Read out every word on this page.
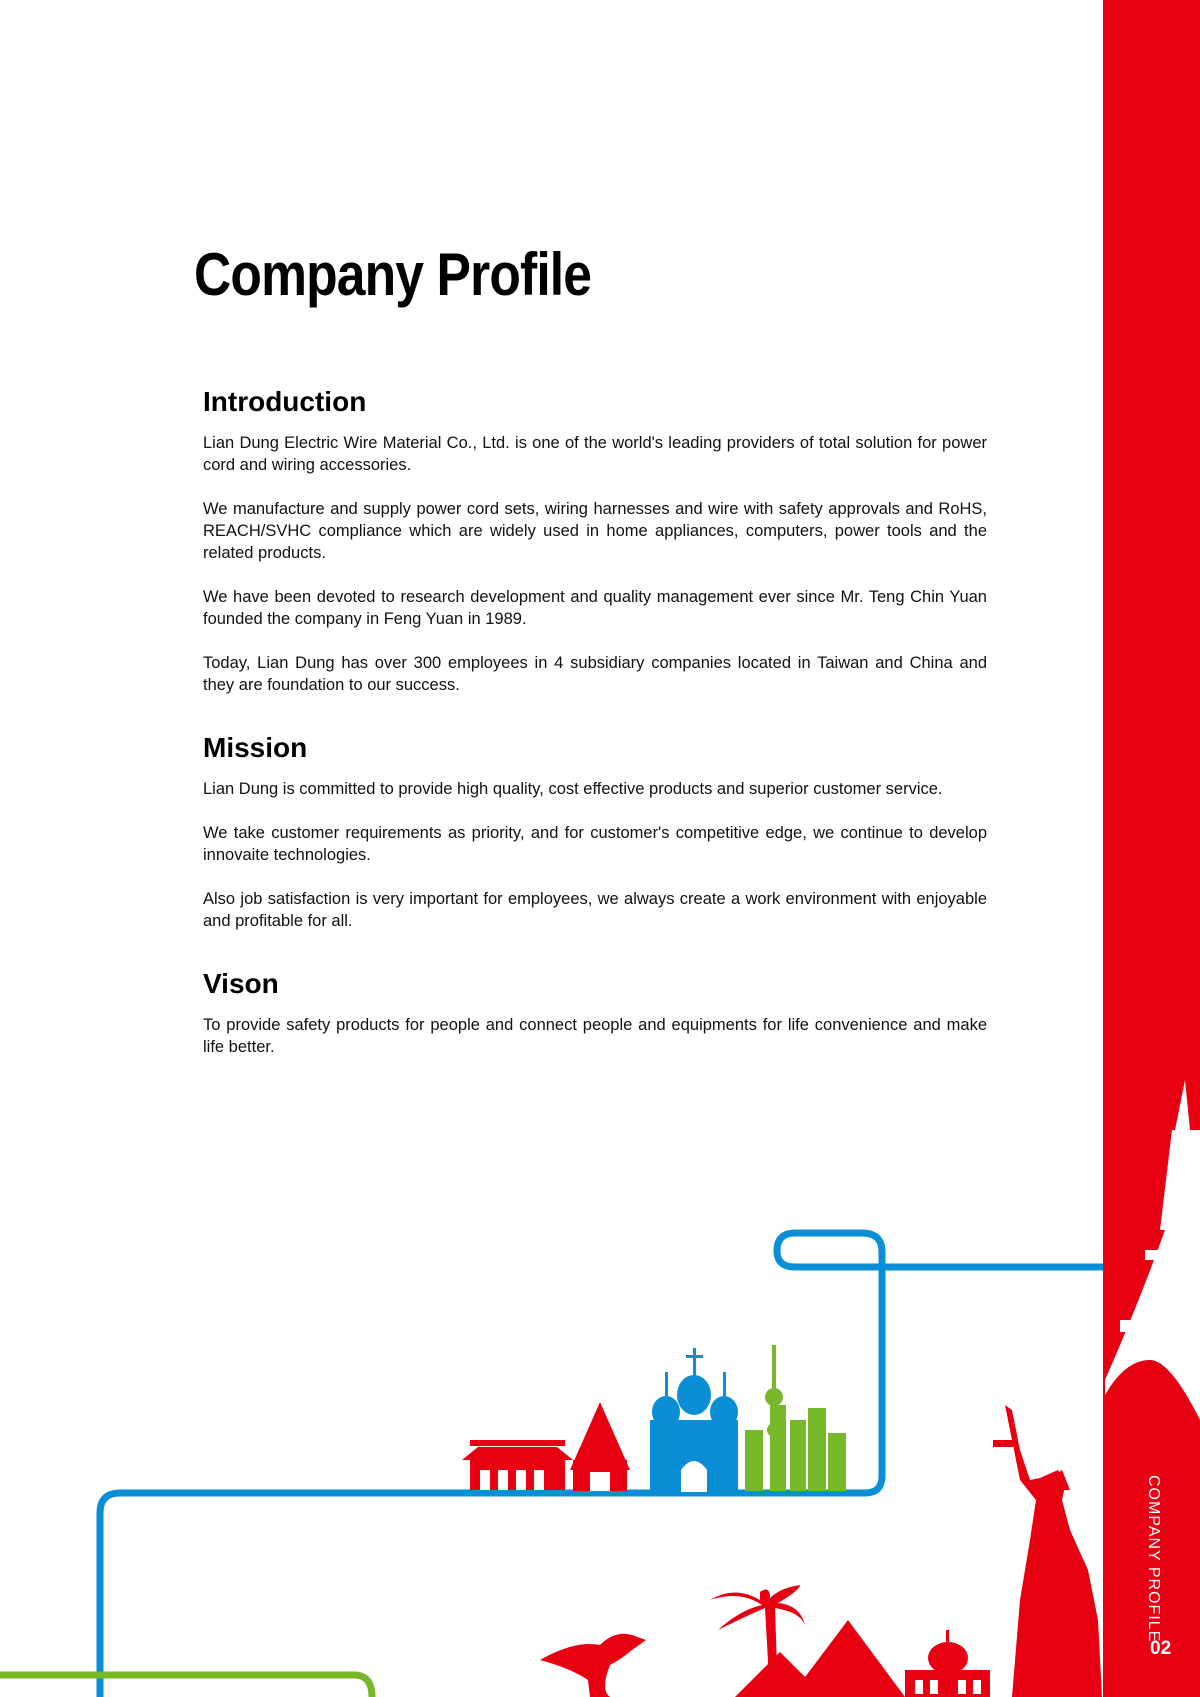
Company Profile
Introduction

Lian Dung Electric Wire Material Co., Ltd. is one of the world's leading providers of total solution for power cord and wiring accessories.

We manufacture and supply power cord sets, wiring harnesses and wire with safety approvals and RoHS, REACH/SVHC compliance which are widely used in home appliances, computers, power tools and the related products.

We have been devoted to research development and quality management ever since Mr. Teng Chin Yuan founded the company in Feng Yuan in 1989.

Today, Lian Dung has over 300 employees in 4 subsidiary companies located in Taiwan and China and they are foundation to our success.

Mission

Lian Dung is committed to provide high quality, cost effective products and superior customer service.

We take customer requirements as priority, and for customer's competitive edge, we continue to develop innovaite technologies.

Also job satisfaction is very important for employees, we always create a work environment with enjoyable and profitable for all.

Vison

To provide safety products for people and connect people and equipments for life convenience and make life better.

COMPANY PROFILE
02
